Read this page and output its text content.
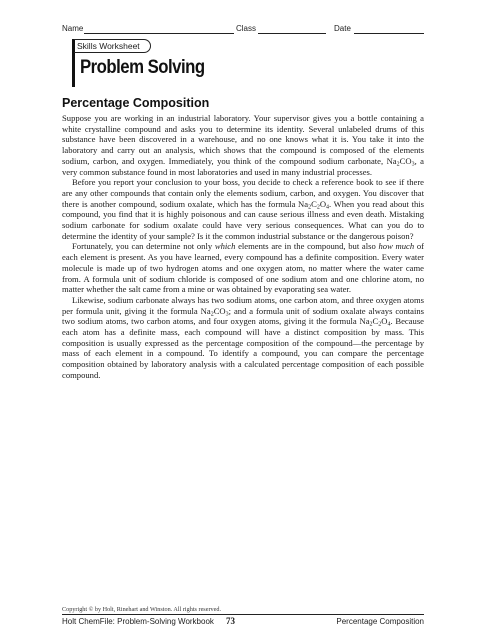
Name	Class	Date
Skills Worksheet
Problem Solving
Percentage Composition

Suppose you are working in an industrial laboratory. Your supervisor gives you a bottle containing a white crystalline compound and asks you to determine its identity. Several unlabeled drums of this substance have been discovered in a warehouse, and no one knows what it is. You take it into the laboratory and carry out an analysis, which shows that the compound is composed of the elements sodium, carbon, and oxygen. Immediately, you think of the compound sodium carbonate, $Na_2CO_3$, a very common substance found in most laboratories and used in many industrial processes.

Before you report your conclusion to your boss, you decide to check a reference book to see if there are any other compounds that contain only the elements sodium, carbon, and oxygen. You discover that there is another compound, sodium oxalate, which has the formula $Na_2C_2O_4$. When you read about this compound, you find that it is highly poisonous and can cause serious illness and even death. Mistaking sodium carbonate for sodium oxalate could have very serious consequences. What can you do to determine the identity of your sample? Is it the common industrial substance or the dangerous poison?

Fortunately, you can determine not only which elements are in the compound, but also how much of each element is present. As you have learned, every compound has a definite composition. Every water molecule is made up of two hydrogen atoms and one oxygen atom, no matter where the water came from. A formula unit of sodium chloride is composed of one sodium atom and one chlorine atom, no matter whether the salt came from a mine or was obtained by evaporating sea water.

Likewise, sodium carbonate always has two sodium atoms, one carbon atom, and three oxygen atoms per formula unit, giving it the formula $Na_2CO_3$; and a formula unit of sodium oxalate always contains two sodium atoms, two carbon atoms, and four oxygen atoms, giving it the formula $Na_2C_2O_4$. Because each atom has a definite mass, each compound will have a distinct composition by mass. This composition is usually expressed as the percentage composition of the compound—the percentage by mass of each element in a compound. To identify a compound, you can compare the percentage composition obtained by laboratory analysis with a calculated percentage composition of each possible compound.

Copyright © by Holt, Rinehart and Winston. All rights reserved.
Holt ChemFile: Problem-Solving Workbook 73	Percentage Composition
